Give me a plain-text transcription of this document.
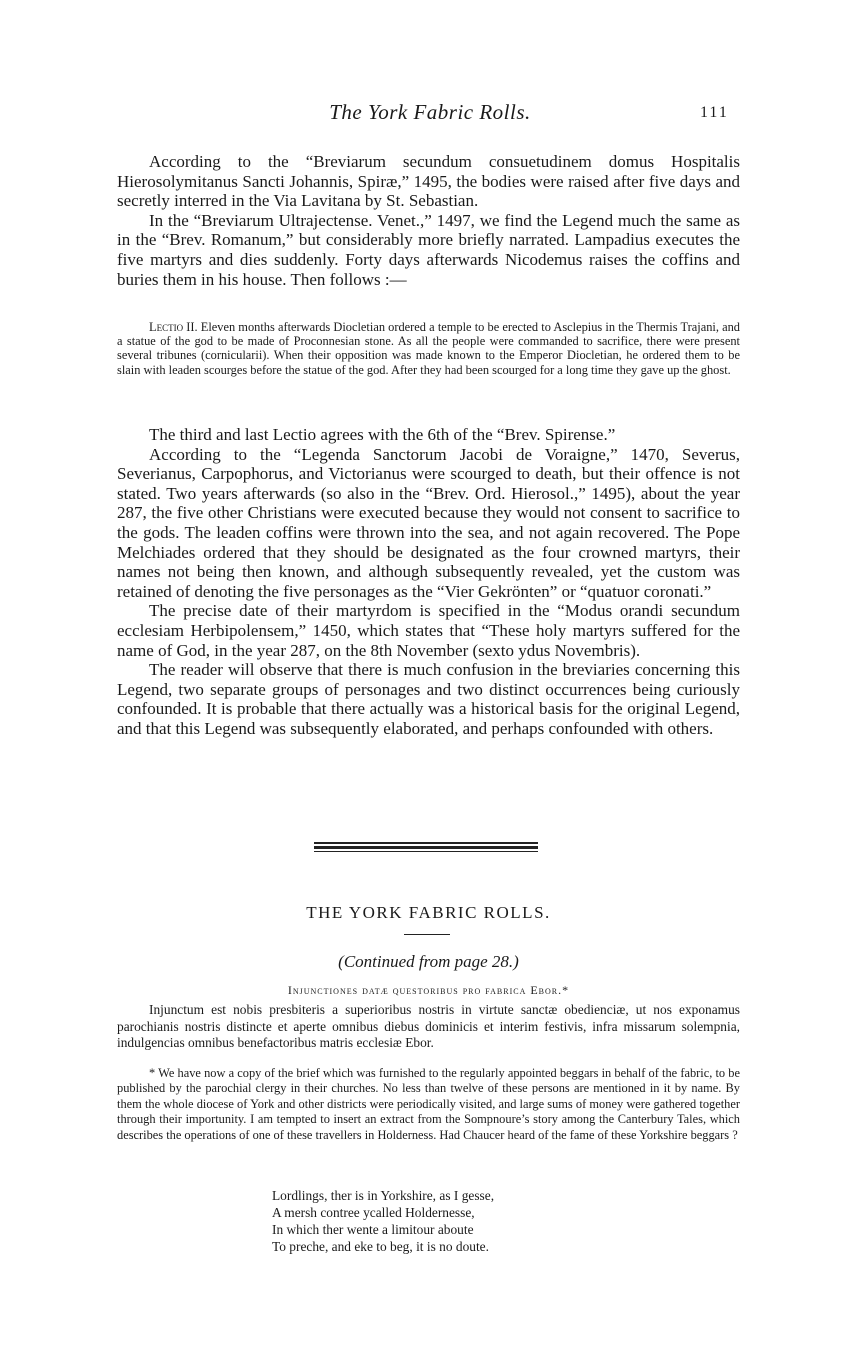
The York Fabric Rolls.	111

According to the “Breviarum secundum consuetudinem domus Hospitalis Hierosolymitanus Sancti Johannis, Spiræ,” 1495, the bodies were raised after five days and secretly interred in the Via Lavitana by St. Sebastian.

In the “Breviarum Ultrajectense. Venet.,” 1497, we find the Legend much the same as in the “Brev. Romanum,” but considerably more briefly narrated. Lampadius executes the five martyrs and dies suddenly. Forty days afterwards Nicodemus raises the coffins and buries them in his house. Then follows :—

Lectio II. Eleven months afterwards Diocletian ordered a temple to be erected to Asclepius in the Thermis Trajani, and a statue of the god to be made of Proconnesian stone. As all the people were commanded to sacrifice, there were present several tribunes (cornicularii). When their opposition was made known to the Emperor Diocletian, he ordered them to be slain with leaden scourges before the statue of the god. After they had been scourged for a long time they gave up the ghost.

The third and last Lectio agrees with the 6th of the “Brev. Spirense.”

According to the “Legenda Sanctorum Jacobi de Voraigne,” 1470, Severus, Severianus, Carpophorus, and Victorianus were scourged to death, but their offence is not stated. Two years afterwards (so also in the “Brev. Ord. Hierosol.,” 1495), about the year 287, the five other Christians were executed because they would not consent to sacrifice to the gods. The leaden coffins were thrown into the sea, and not again recovered. The Pope Melchiades ordered that they should be designated as the four crowned martyrs, their names not being then known, and although subsequently revealed, yet the custom was retained of denoting the five personages as the “Vier Gekrönten” or “quatuor coronati.”

The precise date of their martyrdom is specified in the “Modus orandi secundum ecclesiam Herbipolensem,” 1450, which states that “These holy martyrs suffered for the name of God, in the year 287, on the 8th November (sexto ydus Novembris).

The reader will observe that there is much confusion in the breviaries concerning this Legend, two separate groups of personages and two distinct occurrences being curiously confounded. It is probable that there actually was a historical basis for the original Legend, and that this Legend was subsequently elaborated, and perhaps confounded with others.

THE YORK FABRIC ROLLS.
(Continued from page 28.)
Injunctiones datæ questoribus pro fabrica Ebor.*

Injunctum est nobis presbiteris a superioribus nostris in virtute sanctæ obedienciæ, ut nos exponamus parochianis nostris distincte et aperte omnibus diebus dominicis et interim festivis, infra missarum solempnia, indulgencias omnibus benefactoribus matris ecclesiæ Ebor.

* We have now a copy of the brief which was furnished to the regularly appointed beggars in behalf of the fabric, to be published by the parochial clergy in their churches. No less than twelve of these persons are mentioned in it by name. By them the whole diocese of York and other districts were periodically visited, and large sums of money were gathered together through their importunity. I am tempted to insert an extract from the Sompnoure’s story among the Canterbury Tales, which describes the operations of one of these travellers in Holderness. Had Chaucer heard of the fame of these Yorkshire beggars ?

Lordlings, ther is in Yorkshire, as I gesse,
A mersh contree ycalled Holdernesse,
In which ther wente a limitour aboute
To preche, and eke to beg, it is no doute.
